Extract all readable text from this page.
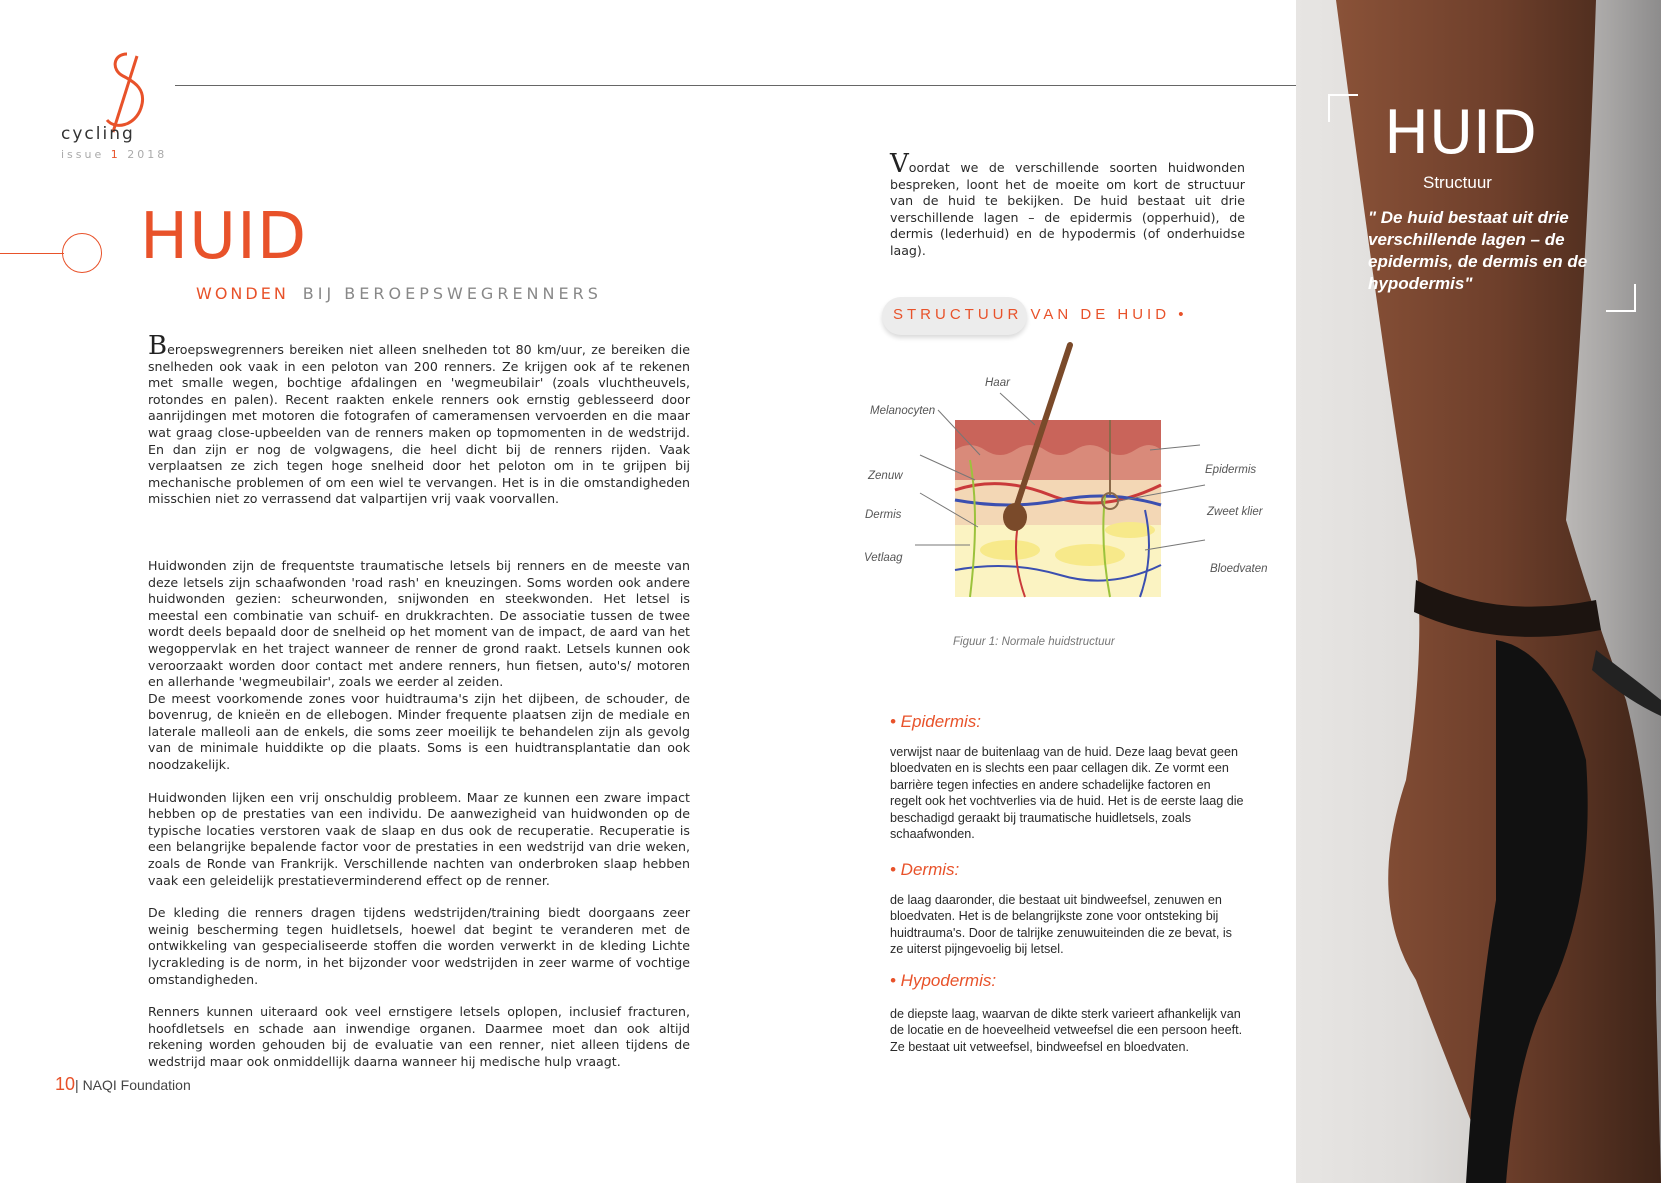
cycling
issue 1 2018
HUID
WONDEN BIJ BEROEPSWEGRENNERS

Beroepswegrenners bereiken niet alleen snelheden tot 80 km/uur, ze bereiken die snelheden ook vaak in een peloton van 200 renners. Ze krijgen ook af te rekenen met smalle wegen, bochtige afdalingen en 'wegmeubilair' (zoals vluchtheuvels, rotondes en palen). Recent raakten enkele renners ook ernstig geblesseerd door aanrijdingen met motoren die fotografen of cameramensen vervoerden en die maar wat graag close-upbeelden van de renners maken op topmomenten in de wedstrijd. En dan zijn er nog de volgwagens, die heel dicht bij de renners rijden. Vaak verplaatsen ze zich tegen hoge snelheid door het peloton om in te grijpen bij mechanische problemen of om een wiel te vervangen. Het is in die omstandigheden misschien niet zo verrassend dat valpartijen vrij vaak voorvallen.

Huidwonden zijn de frequentste traumatische letsels bij renners en de meeste van deze letsels zijn schaafwonden 'road rash' en kneuzingen. Soms worden ook andere huidwonden gezien: scheurwonden, snijwonden en steekwonden. Het letsel is meestal een combinatie van schuif- en drukkrachten. De associatie tussen de twee wordt deels bepaald door de snelheid op het moment van de impact, de aard van het wegoppervlak en het traject wanneer de renner de grond raakt. Letsels kunnen ook veroorzaakt worden door contact met andere renners, hun fietsen, auto's/ motoren en allerhande 'wegmeubilair', zoals we eerder al zeiden.

De meest voorkomende zones voor huidtrauma's zijn het dijbeen, de schouder, de bovenrug, de knieën en de ellebogen. Minder frequente plaatsen zijn de mediale en laterale malleoli aan de enkels, die soms zeer moeilijk te behandelen zijn als gevolg van de minimale huiddikte op die plaats. Soms is een huidtransplantatie dan ook noodzakelijk.

Huidwonden lijken een vrij onschuldig probleem. Maar ze kunnen een zware impact hebben op de prestaties van een individu. De aanwezigheid van huidwonden op de typische locaties verstoren vaak de slaap en dus ook de recuperatie. Recuperatie is een belangrijke bepalende factor voor de prestaties in een wedstrijd van drie weken, zoals de Ronde van Frankrijk. Verschillende nachten van onderbroken slaap hebben vaak een geleidelijk prestatieverminderend effect op de renner.

De kleding die renners dragen tijdens wedstrijden/training biedt doorgaans zeer weinig bescherming tegen huidletsels, hoewel dat begint te veranderen met de ontwikkeling van gespecialiseerde stoffen die worden verwerkt in de kleding Lichte lycrakleding is de norm, in het bijzonder voor wedstrijden in zeer warme of vochtige omstandigheden.

Renners kunnen uiteraard ook veel ernstigere letsels oplopen, inclusief fracturen, hoofdletsels en schade aan inwendige organen. Daarmee moet dan ook altijd rekening worden gehouden bij de evaluatie van een renner, niet alleen tijdens de wedstrijd maar ook onmiddellijk daarna wanneer hij medische hulp vraagt.

10| NAQI Foundation
Voordat we de verschillende soorten huidwonden bespreken, loont het de moeite om kort de structuur van de huid te bekijken. De huid bestaat uit drie verschillende lagen – de epidermis (opperhuid), de dermis (lederhuid) en de hypodermis (of onderhuidse laag).
STRUCTUUR VAN DE HUID •
Haar
Melanocyten
Zenuw
Dermis
Vetlaag
Epidermis
Zweet klier
Bloedvaten
Figuur 1: Normale huidstructuur
• Epidermis:
verwijst naar de buitenlaag van de huid. Deze laag bevat geen bloedvaten en is slechts een paar cellagen dik. Ze vormt een barrière tegen infecties en andere schadelijke factoren en regelt ook het vochtverlies via de huid. Het is de eerste laag die beschadigd geraakt bij traumatische huidletsels, zoals schaafwonden.
• Dermis:
de laag daaronder, die bestaat uit bindweefsel, zenuwen en bloedvaten. Het is de belangrijkste zone voor ontsteking bij huidtrauma's. Door de talrijke zenuwuiteinden die ze bevat, is ze uiterst pijngevoelig bij letsel.
• Hypodermis:
de diepste laag, waarvan de dikte sterk varieert afhankelijk van de locatie en de hoeveelheid vetweefsel die een persoon heeft. Ze bestaat uit vetweefsel, bindweefsel en bloedvaten.
HUID
Structuur
" De huid bestaat uit drie verschillende lagen – de epidermis, de dermis en de hypodermis"
